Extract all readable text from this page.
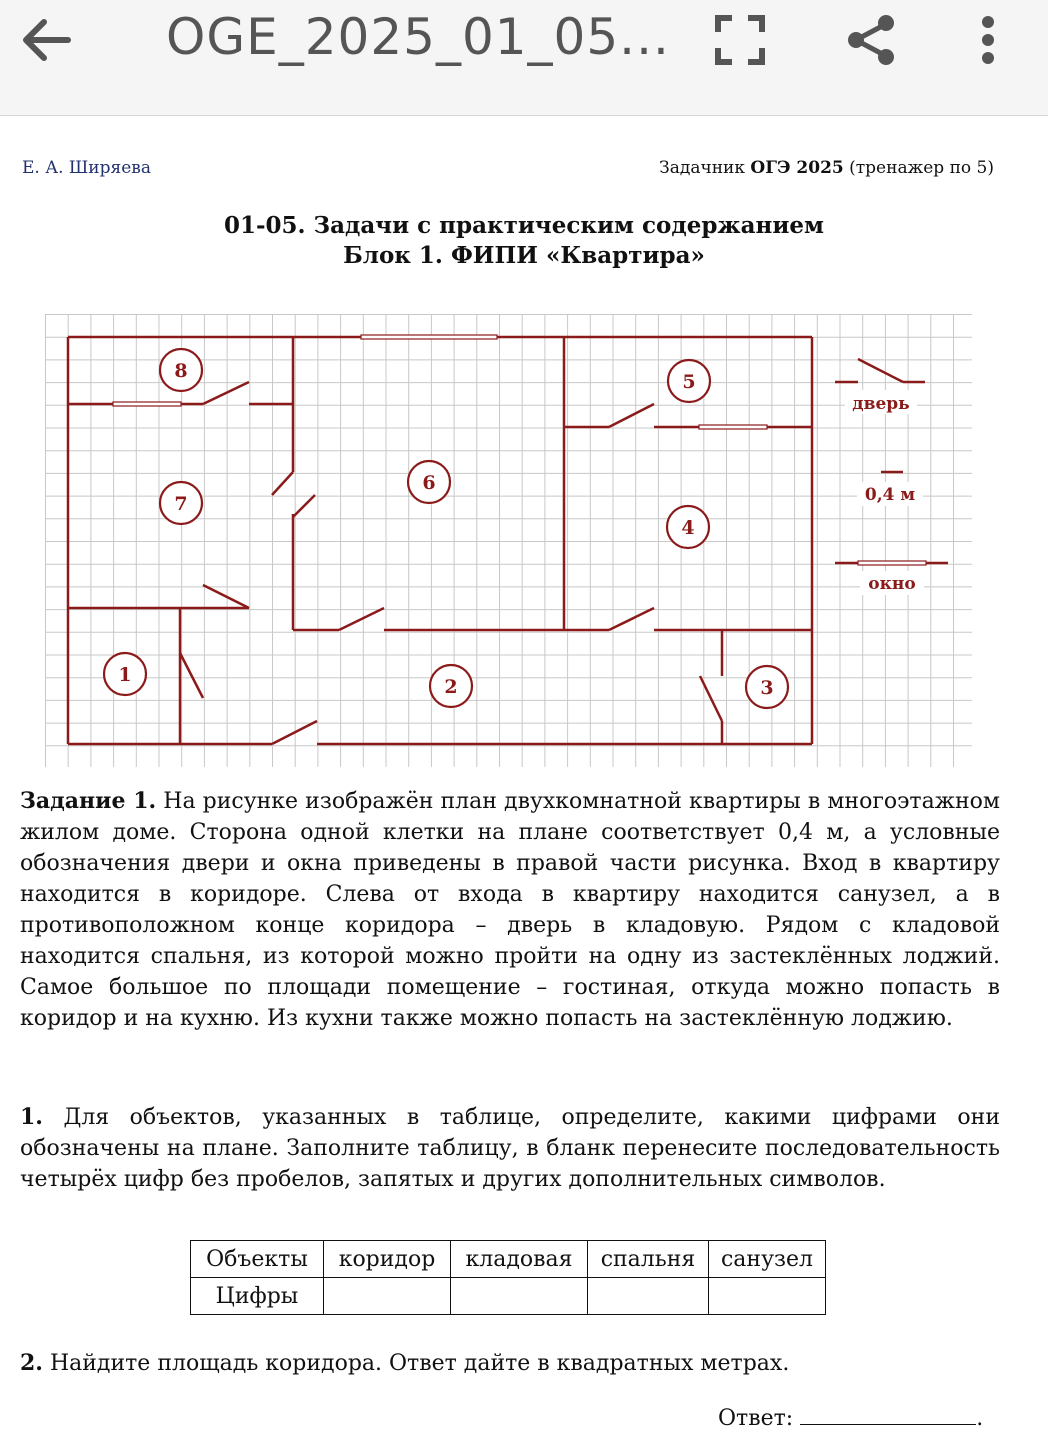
OGE_2025_01_05...
Е. А. Ширяева	Задачник ОГЭ 2025 (тренажер по 5)
01-05. Задачи с практическим содержанием
Блок 1. ФИПИ «Квартира»
8
7
6
5
4
1
2	3
дверь
0,4 м
окно
Задание 1. На рисунке изображён план двухкомнатной квартиры в многоэтажном жилом доме. Сторона одной клетки на плане соответствует 0,4 м, а условные обозначения двери и окна приведены в правой части рисунка. Вход в квартиру находится в коридоре. Слева от входа в квартиру находится санузел, а в противоположном конце коридора – дверь в кладовую. Рядом с кладовой находится спальня, из которой можно пройти на одну из застеклённых лоджий. Самое большое по площади помещение – гостиная, откуда можно попасть в коридор и на кухню. Из кухни также можно попасть на застеклённую лоджию.
1. Для объектов, указанных в таблице, определите, какими цифрами они обозначены на плане. Заполните таблицу, в бланк перенесите последовательность четырёх цифр без пробелов, запятых и других дополнительных символов.
Объекты	коридор	кладовая	спальня	санузел
Цифры				
2. Найдите площадь коридора. Ответ дайте в квадратных метрах.
Ответ:	.
